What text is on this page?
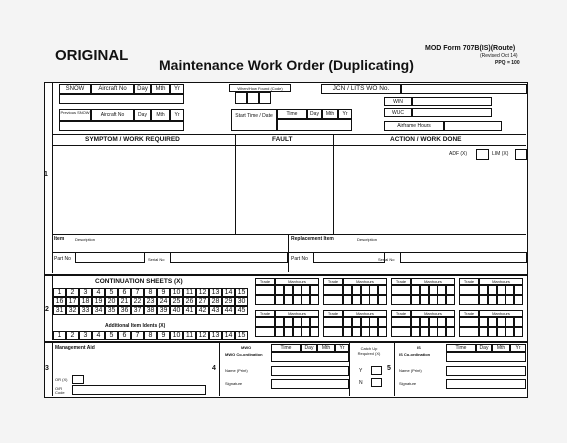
ORIGINAL
Maintenance Work Order (Duplicating)
MOD Form 707B(IS)(Route)
(Revised Oct 14)
PPQ = 100
1
SNOW	Aircraft No	Day	Mth	Yr	When/How Found (Code)	JCN / LITS WO No.
WIN
WUC
Airframe Hours
Previous SNOW	Aircraft No	Day	Mth	Yr	Start Time / Date	Time	Day	Mth	Yr
SYMPTOM / WORK REQUIRED	FAULT	ACTION / WORK DONE
ADF (X)	LIM (X)
Item	Description	Replacement Item	Description
Part No	Serial No	Part No	Serial No
2
CONTINUATION SHEETS (X)
1	2	3	4	5	6	7	8	9	10 11 12 13 14 15
16 17 18 19 20 21 22 23 24 25 26 27 28 29 30
31 32 33 34 35 36 37 38 39 40 41 42 43 44 45
Additional Item Idents (X)
1	2	3	4	5	6	7	8	9	10 11 12 13 14 15
Trade	Manhours	Trade	Manhours	Trade	Manhours	Trade	Manhours
Trade	Manhours	Trade	Manhours	Trade	Manhours	Trade	Manhours
3
Management Aid
OR (X)
O/R Code
4
MWO
MWO Co-ordination
Time	Day	Mth	Yr
Name (Print)
Signature
Catch Up Required (X)
Y
N
5
IS
IS Co-ordination
Time	Day	Mth	Yr
Name (Print)
Signature
